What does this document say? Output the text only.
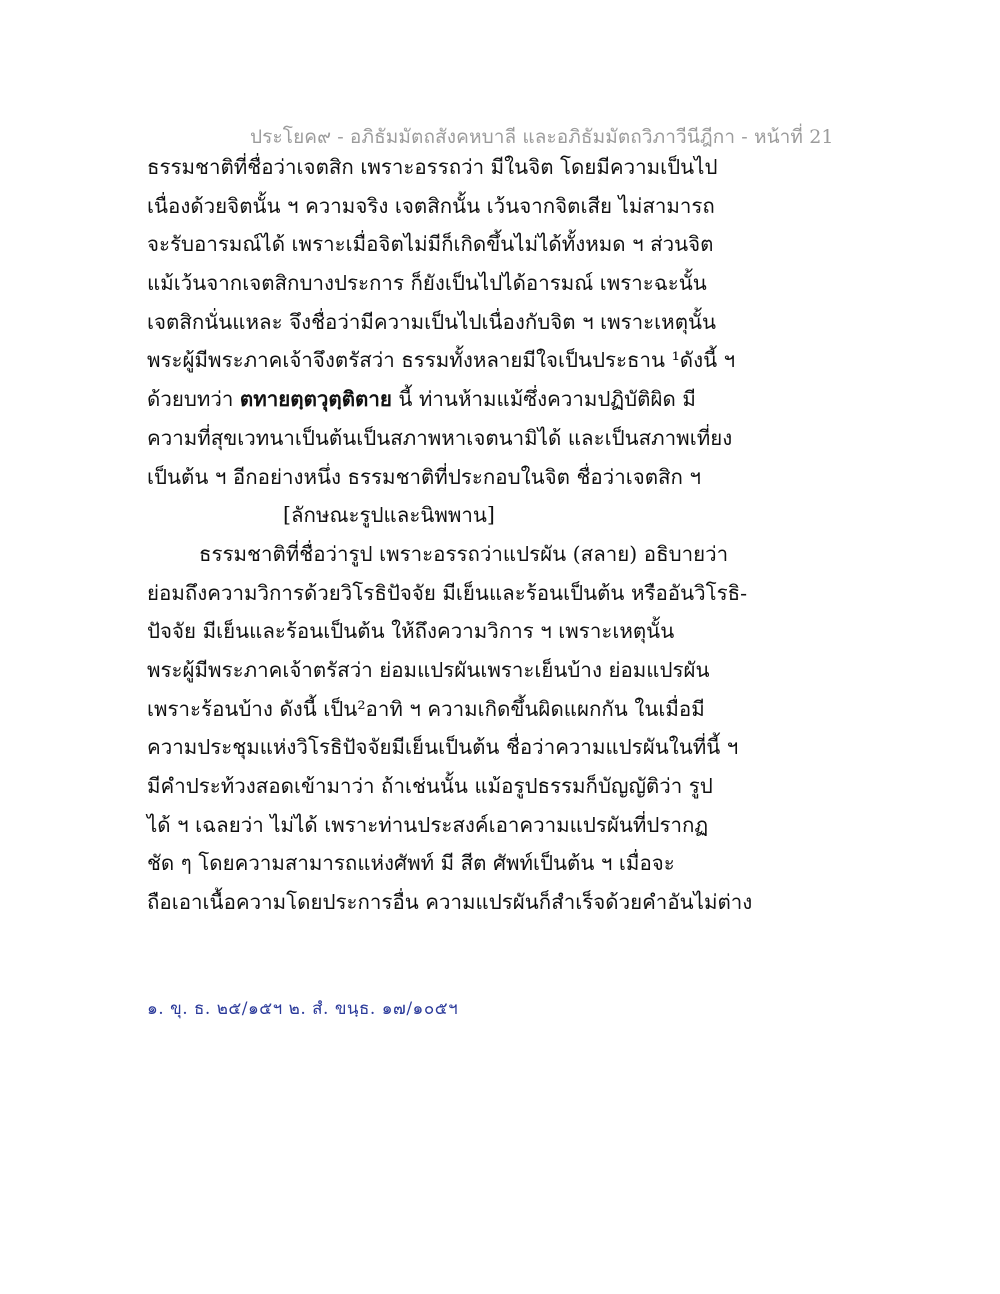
ประโยค๙ - อภิธัมมัตถสังคหบาลี และอภิธัมมัตถวิภาวีนีฎีกา - หน้าที่ 21
ธรรมชาติที่ชื่อว่าเจตสิก เพราะอรรถว่า มีในจิต โดยมีความเป็นไป
เนื่องด้วยจิตนั้น ฯ ความจริง เจตสิกนั้น เว้นจากจิตเสีย ไม่สามารถ
จะรับอารมณ์ได้ เพราะเมื่อจิตไม่มีก็เกิดขึ้นไม่ได้ทั้งหมด ฯ ส่วนจิต
แม้เว้นจากเจตสิกบางประการ ก็ยังเป็นไปได้อารมณ์ เพราะฉะนั้น
เจตสิกนั่นแหละ จึงชื่อว่ามีความเป็นไปเนื่องกับจิต ฯ เพราะเหตุนั้น
พระผู้มีพระภาคเจ้าจึงตรัสว่า ธรรมทั้งหลายมีใจเป็นประธาน ¹ดังนี้ ฯ
ด้วยบทว่า ตทายตฺตวุตฺติตาย นี้ ท่านห้ามแม้ซึ่งความปฏิบัติผิด มี
ความที่สุขเวทนาเป็นต้นเป็นสภาพหาเจตนามิได้ และเป็นสภาพเที่ยง
เป็นต้น ฯ อีกอย่างหนึ่ง ธรรมชาติที่ประกอบในจิต ชื่อว่าเจตสิก ฯ
[ลักษณะรูปและนิพพาน]
ธรรมชาติที่ชื่อว่ารูป เพราะอรรถว่าแปรผัน (สลาย) อธิบายว่า
ย่อมถึงความวิการด้วยวิโรธิปัจจัย มีเย็นและร้อนเป็นต้น หรืออันวิโรธิ-
ปัจจัย มีเย็นและร้อนเป็นต้น ให้ถึงความวิการ ฯ เพราะเหตุนั้น
พระผู้มีพระภาคเจ้าตรัสว่า ย่อมแปรผันเพราะเย็นบ้าง ย่อมแปรผัน
เพราะร้อนบ้าง ดังนี้ เป็น²อาทิ ฯ ความเกิดขึ้นผิดแผกกัน ในเมื่อมี
ความประชุมแห่งวิโรธิปัจจัยมีเย็นเป็นต้น ชื่อว่าความแปรผันในที่นี้ ฯ
มีคำประท้วงสอดเข้ามาว่า ถ้าเช่นนั้น แม้อรูปธรรมก็บัญญัติว่า รูป
ได้ ฯ เฉลยว่า ไม่ได้ เพราะท่านประสงค์เอาความแปรผันที่ปรากฏ
ชัด ๆ โดยความสามารถแห่งศัพท์ มี สีต ศัพท์เป็นต้น ฯ เมื่อจะ
ถือเอาเนื้อความโดยประการอื่น ความแปรผันก็สำเร็จด้วยคำอันไม่ต่าง
๑. ขุ. ธ. ๒๕/๑๕ฯ ๒. สํ. ขนฺธ. ๑๗/๑๐๕ฯ
